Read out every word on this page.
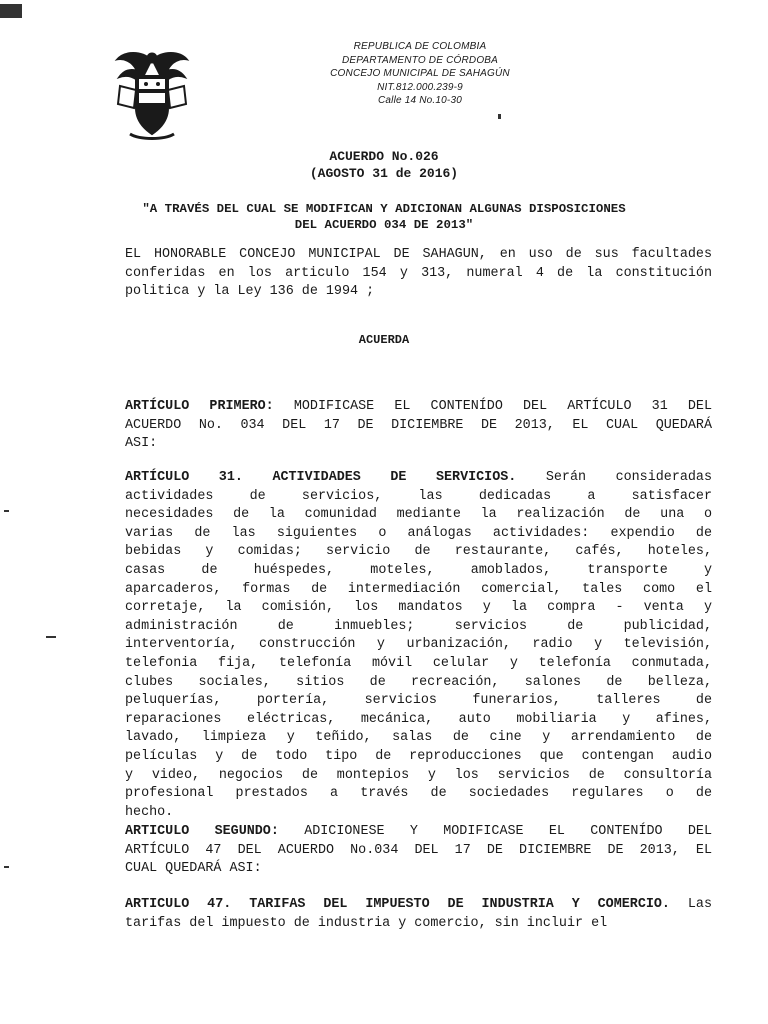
REPUBLICA DE COLOMBIA
DEPARTAMENTO DE CÓRDOBA
CONCEJO MUNICIPAL DE SAHAGÚN
NIT.812.000.239-9
Calle 14 No.10-30
ACUERDO No.026
(AGOSTO 31 de 2016)
"A TRAVÉS DEL CUAL SE MODIFICAN Y ADICIONAN ALGUNAS DISPOSICIONES
DEL ACUERDO 034 DE 2013"

EL HONORABLE CONCEJO MUNICIPAL DE SAHAGUN, en uso de sus facultades

conferidas en los articulo 154 y 313, numeral 4 de la constitución

politica y la Ley 136 de 1994 ;

ACUERDA

ARTÍCULO PRIMERO: MODIFICASE EL CONTENÍDO DEL ARTÍCULO 31 DEL

ACUERDO No. 034 DEL 17 DE DICIEMBRE DE 2013, EL CUAL QUEDARÁ

ASI:

ARTÍCULO 31. ACTIVIDADES DE SERVICIOS. Serán consideradas

actividades de servicios, las dedicadas a satisfacer

necesidades de la comunidad mediante la realización de una o

varias de las siguientes o análogas actividades: expendio de

bebidas y comidas; servicio de restaurante, cafés, hoteles,

casas de huéspedes, moteles, amoblados, transporte y

aparcaderos, formas de intermediación comercial, tales como el

corretaje, la comisión, los mandatos y la compra - venta y

administración de inmuebles; servicios de publicidad,

interventoría, construcción y urbanización, radio y televisión,

telefonia fija, telefonía móvil celular y telefonía conmutada,

clubes sociales, sitios de recreación, salones de belleza,

peluquerías, portería, servicios funerarios, talleres de

reparaciones eléctricas, mecánica, auto mobiliaria y afines,

lavado, limpieza y teñido, salas de cine y arrendamiento de

películas y de todo tipo de reproducciones que contengan audio

y video, negocios de montepios y los servicios de consultoría

profesional prestados a través de sociedades regulares o de

hecho.

ARTICULO SEGUNDO: ADICIONESE Y MODIFICASE EL CONTENÍDO DEL

ARTÍCULO 47 DEL ACUERDO No.034 DEL 17 DE DICIEMBRE DE 2013, EL

CUAL QUEDARÁ ASI:

ARTICULO 47. TARIFAS DEL IMPUESTO DE INDUSTRIA Y COMERCIO. Las

tarifas del impuesto de industria y comercio, sin incluir el
